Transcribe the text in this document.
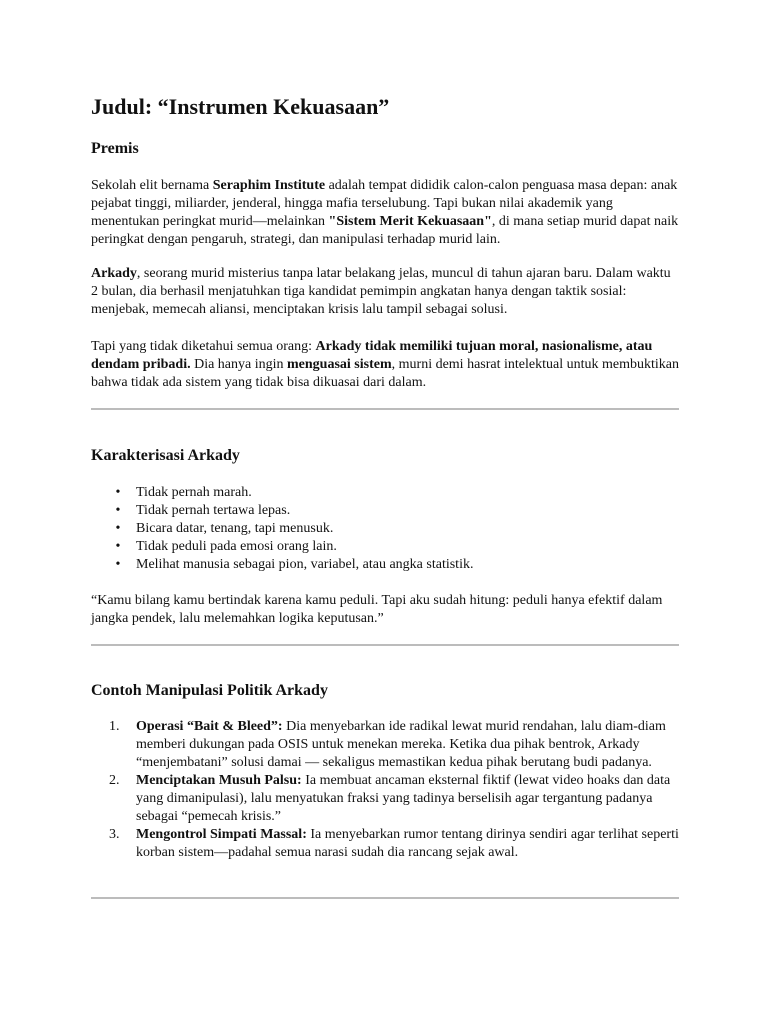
Judul: “Instrumen Kekuasaan”
Premis

Sekolah elit bernama Seraphim Institute adalah tempat dididik calon-calon penguasa masa depan: anak pejabat tinggi, miliarder, jenderal, hingga mafia terselubung. Tapi bukan nilai akademik yang menentukan peringkat murid—melainkan "Sistem Merit Kekuasaan", di mana setiap murid dapat naik peringkat dengan pengaruh, strategi, dan manipulasi terhadap murid lain.

Arkady, seorang murid misterius tanpa latar belakang jelas, muncul di tahun ajaran baru. Dalam waktu 2 bulan, dia berhasil menjatuhkan tiga kandidat pemimpin angkatan hanya dengan taktik sosial: menjebak, memecah aliansi, menciptakan krisis lalu tampil sebagai solusi.

Tapi yang tidak diketahui semua orang: Arkady tidak memiliki tujuan moral, nasionalisme, atau dendam pribadi. Dia hanya ingin menguasai sistem, murni demi hasrat intelektual untuk membuktikan bahwa tidak ada sistem yang tidak bisa dikuasai dari dalam.

Karakterisasi Arkady
• Tidak pernah marah.
• Tidak pernah tertawa lepas.
• Bicara datar, tenang, tapi menusuk.
• Tidak peduli pada emosi orang lain.
• Melihat manusia sebagai pion, variabel, atau angka statistik.

“Kamu bilang kamu bertindak karena kamu peduli. Tapi aku sudah hitung: peduli hanya efektif dalam jangka pendek, lalu melemahkan logika keputusan.”

Contoh Manipulasi Politik Arkady
1.	Operasi “Bait & Bleed”: Dia menyebarkan ide radikal lewat murid rendahan, lalu diam-diam memberi dukungan pada OSIS untuk menekan mereka. Ketika dua pihak bentrok, Arkady “menjembatani” solusi damai — sekaligus memastikan kedua pihak berutang budi padanya.
2.	Menciptakan Musuh Palsu: Ia membuat ancaman eksternal fiktif (lewat video hoaks dan data yang dimanipulasi), lalu menyatukan fraksi yang tadinya berselisih agar tergantung padanya sebagai “pemecah krisis.”
3.	Mengontrol Simpati Massal: Ia menyebarkan rumor tentang dirinya sendiri agar terlihat seperti korban sistem—padahal semua narasi sudah dia rancang sejak awal.
